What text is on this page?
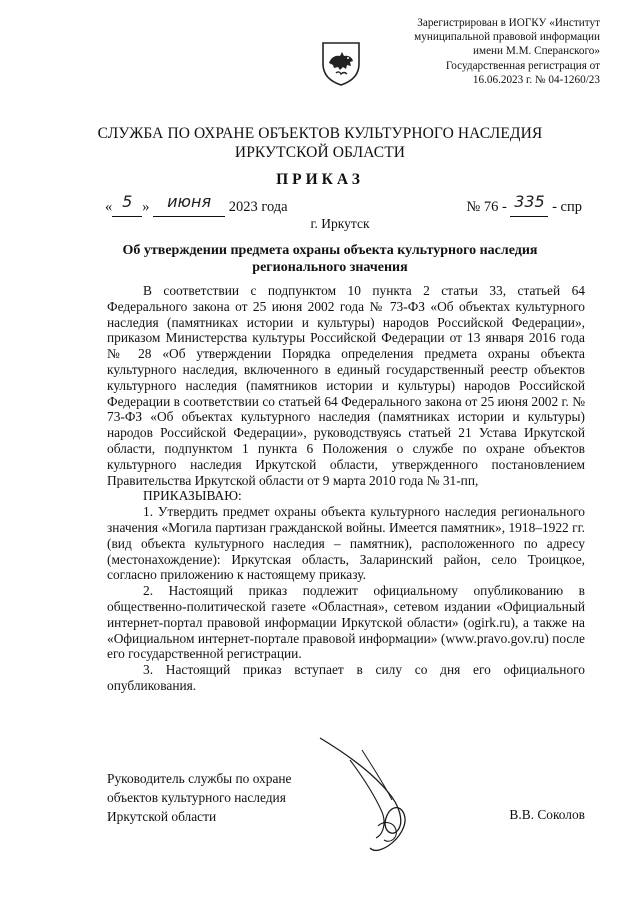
Зарегистрирован в ИОГКУ «Институт
муниципальной правовой информации
имени М.М. Сперанского»
Государственная регистрация от
16.06.2023 г. № 04-1260/23
СЛУЖБА ПО ОХРАНЕ ОБЪЕКТОВ КУЛЬТУРНОГО НАСЛЕДИЯ
ИРКУТСКОЙ ОБЛАСТИ
ПРИКАЗ
« 5 » июня 2023 года	№ 76 - 335 - спр
г. Иркутск
Об утверждении предмета охраны объекта культурного наследия
регионального значения

В соответствии с подпунктом 10 пункта 2 статьи 33, статьей 64 Федерального закона от 25 июня 2002 года № 73-ФЗ «Об объектах культурного наследия (памятниках истории и культуры) народов Российской Федерации», приказом Министерства культуры Российской Федерации от 13 января 2016 года № 28 «Об утверждении Порядка определения предмета охраны объекта культурного наследия, включенного в единый государственный реестр объектов культурного наследия (памятников истории и культуры) народов Российской Федерации в соответствии со статьей 64 Федерального закона от 25 июня 2002 г. № 73-ФЗ «Об объектах культурного наследия (памятниках истории и культуры) народов Российской Федерации», руководствуясь статьей 21 Устава Иркутской области, подпунктом 1 пункта 6 Положения о службе по охране объектов культурного наследия Иркутской области, утвержденного постановлением Правительства Иркутской области от 9 марта 2010 года № 31-пп,

ПРИКАЗЫВАЮ:

1. Утвердить предмет охраны объекта культурного наследия регионального значения «Могила партизан гражданской войны. Имеется памятник», 1918–1922 гг. (вид объекта культурного наследия – памятник), расположенного по адресу (местонахождение): Иркутская область, Заларинский район, село Троицкое, согласно приложению к настоящему приказу.

2. Настоящий приказ подлежит официальному опубликованию в общественно-политической газете «Областная», сетевом издании «Официальный интернет-портал правовой информации Иркутской области» (ogirk.ru), а также на «Официальном интернет-портале правовой информации» (www.pravo.gov.ru) после его государственной регистрации.

3. Настоящий приказ вступает в силу со дня его официального опубликования.

Руководитель службы по охране
объектов культурного наследия
Иркутской области	В.В. Соколов
